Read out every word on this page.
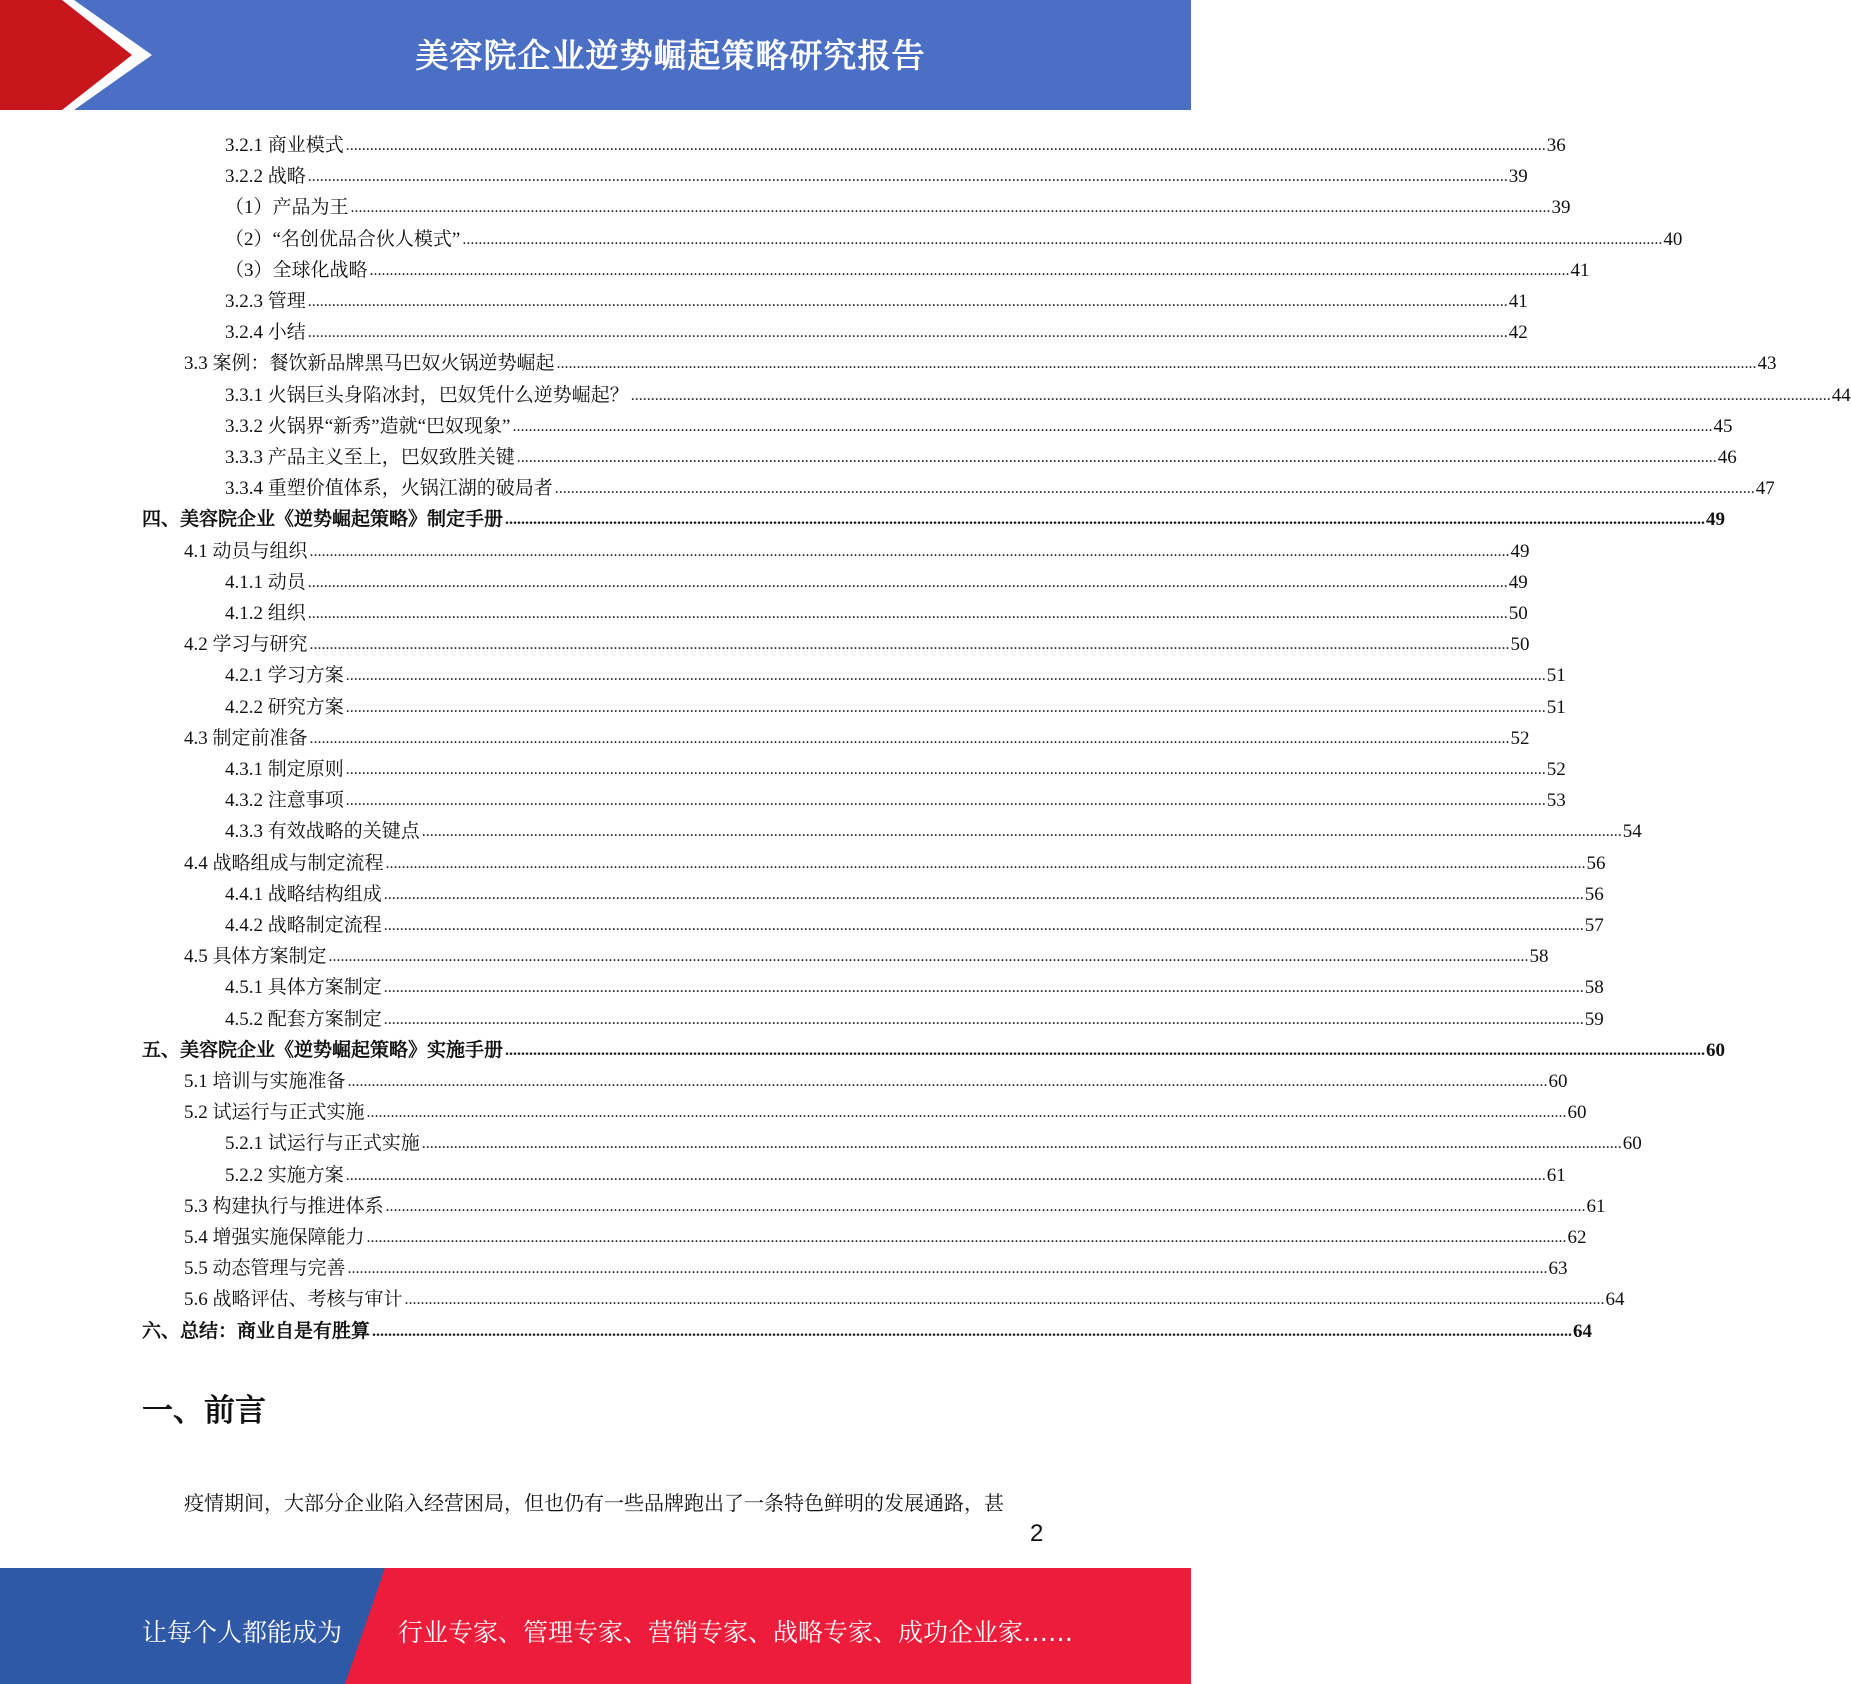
美容院企业逆势崛起策略研究报告
3.2.1 商业模式 ............................................................................................................................................................................................................................................................................................................ 36
3.2.2 战略 ............................................................................................................................................................................................................................................................................................................ 39
（1）产品为王 ............................................................................................................................................................................................................................................................................................................ 39
（2）“名创优品合伙人模式” ............................................................................................................................................................................................................................................................................................................ 40
（3）全球化战略 ............................................................................................................................................................................................................................................................................................................ 41
3.2.3 管理 ............................................................................................................................................................................................................................................................................................................ 41
3.2.4 小结 ............................................................................................................................................................................................................................................................................................................ 42
3.3 案例：餐饮新品牌黑马巴奴火锅逆势崛起 ............................................................................................................................................................................................................................................................................................................ 43
3.3.1 火锅巨头身陷冰封，巴奴凭什么逆势崛起？ ............................................................................................................................................................................................................................................................................................................ 44
3.3.2 火锅界“新秀”造就“巴奴现象” ............................................................................................................................................................................................................................................................................................................ 45
3.3.3 产品主义至上，巴奴致胜关键 ............................................................................................................................................................................................................................................................................................................ 46
3.3.4 重塑价值体系，火锅江湖的破局者 ............................................................................................................................................................................................................................................................................................................ 47
四、美容院企业《逆势崛起策略》制定手册 ............................................................................................................................................................................................................................................................................................................ 49
4.1 动员与组织 ............................................................................................................................................................................................................................................................................................................ 49
4.1.1 动员 ............................................................................................................................................................................................................................................................................................................ 49
4.1.2 组织 ............................................................................................................................................................................................................................................................................................................ 50
4.2 学习与研究 ............................................................................................................................................................................................................................................................................................................ 50
4.2.1 学习方案 ............................................................................................................................................................................................................................................................................................................ 51
4.2.2 研究方案 ............................................................................................................................................................................................................................................................................................................ 51
4.3 制定前准备 ............................................................................................................................................................................................................................................................................................................ 52
4.3.1 制定原则 ............................................................................................................................................................................................................................................................................................................ 52
4.3.2 注意事项 ............................................................................................................................................................................................................................................................................................................ 53
4.3.3 有效战略的关键点 ............................................................................................................................................................................................................................................................................................................ 54
4.4 战略组成与制定流程 ............................................................................................................................................................................................................................................................................................................ 56
4.4.1 战略结构组成 ............................................................................................................................................................................................................................................................................................................ 56
4.4.2 战略制定流程 ............................................................................................................................................................................................................................................................................................................ 57
4.5 具体方案制定 ............................................................................................................................................................................................................................................................................................................ 58
4.5.1 具体方案制定 ............................................................................................................................................................................................................................................................................................................ 58
4.5.2 配套方案制定 ............................................................................................................................................................................................................................................................................................................ 59
五、美容院企业《逆势崛起策略》实施手册 ............................................................................................................................................................................................................................................................................................................ 60
5.1 培训与实施准备 ............................................................................................................................................................................................................................................................................................................ 60
5.2 试运行与正式实施 ............................................................................................................................................................................................................................................................................................................ 60
5.2.1 试运行与正式实施 ............................................................................................................................................................................................................................................................................................................ 60
5.2.2 实施方案 ............................................................................................................................................................................................................................................................................................................ 61
5.3 构建执行与推进体系 ............................................................................................................................................................................................................................................................................................................ 61
5.4 增强实施保障能力 ............................................................................................................................................................................................................................................................................................................ 62
5.5 动态管理与完善 ............................................................................................................................................................................................................................................................................................................ 63
5.6 战略评估、考核与审计 ............................................................................................................................................................................................................................................................................................................ 64
六、总结：商业自是有胜算 ............................................................................................................................................................................................................................................................................................................ 64
一、前言
疫情期间，大部分企业陷入经营困局，但也仍有一些品牌跑出了一条特色鲜明的发展通路，甚
2
让每个人都能成为 行业专家、管理专家、营销专家、战略专家、成功企业家……
